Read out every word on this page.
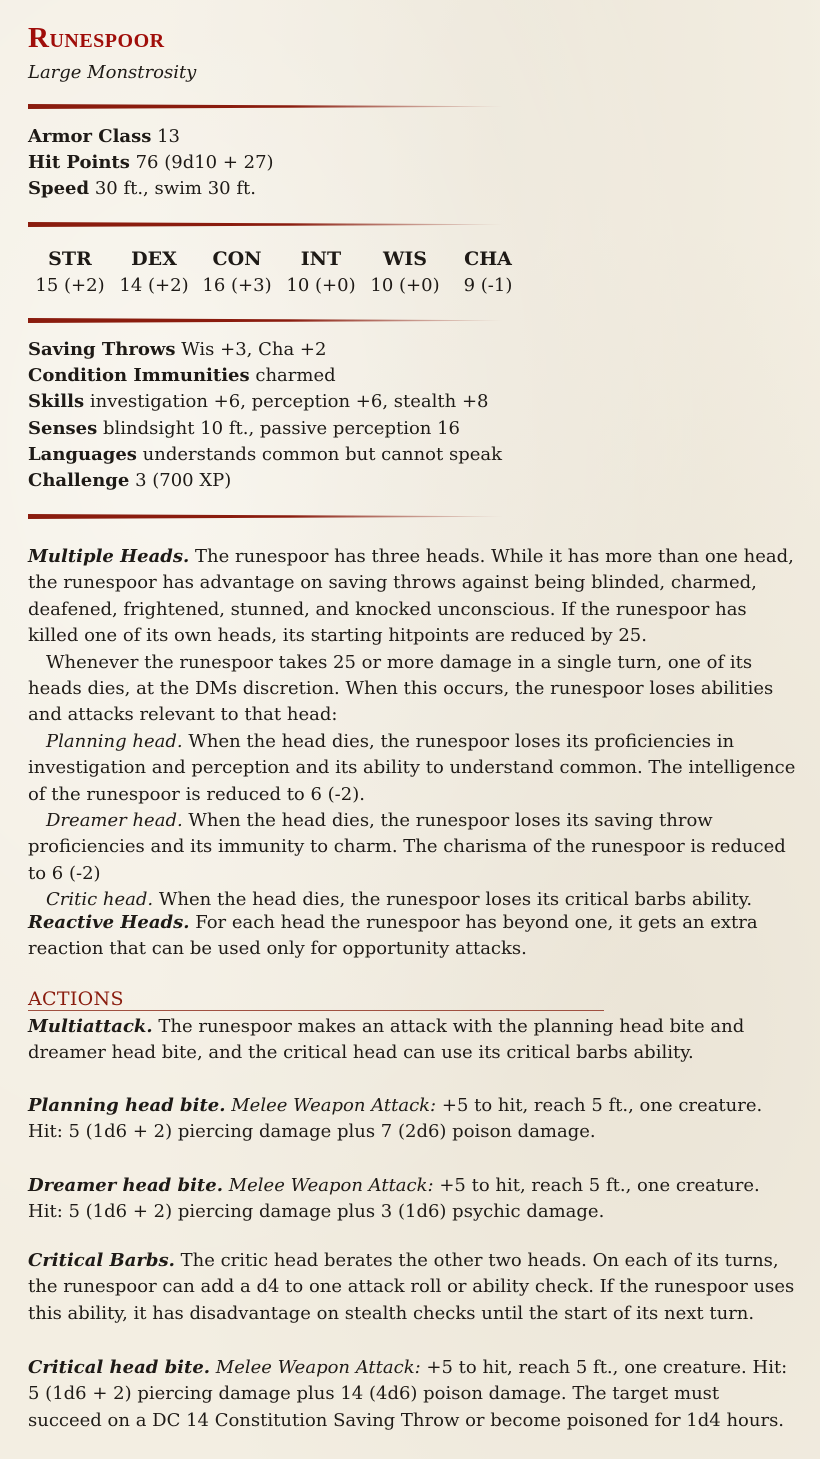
Runespoor
Large Monstrosity
Armor Class 13
Hit Points 76 (9d10 + 27)
Speed 30 ft., swim 30 ft.
STR
15 (+2)
DEX
14 (+2)
CON
16 (+3)
INT
10 (+0)
WIS
10 (+0)
CHA
9 (-1)
Saving Throws Wis +3, Cha +2
Condition Immunities charmed
Skills investigation +6, perception +6, stealth +8
Senses blindsight 10 ft., passive perception 16
Languages understands common but cannot speak
Challenge 3 (700 XP)
Multiple Heads. The runespoor has three heads. While it has more than one head, the runespoor has advantage on saving throws against being blinded, charmed, deafened, frightened, stunned, and knocked unconscious. If the runespoor has killed one of its own heads, its starting hitpoints are reduced by 25.
Whenever the runespoor takes 25 or more damage in a single turn, one of its heads dies, at the DMs discretion. When this occurs, the runespoor loses abilities and attacks relevant to that head:
Planning head. When the head dies, the runespoor loses its proficiencies in investigation and perception and its ability to understand common. The intelligence of the runespoor is reduced to 6 (-2).
Dreamer head. When the head dies, the runespoor loses its saving throw proficiencies and its immunity to charm. The charisma of the runespoor is reduced to 6 (-2)
Critic head. When the head dies, the runespoor loses its critical barbs ability.
Reactive Heads. For each head the runespoor has beyond one, it gets an extra reaction that can be used only for opportunity attacks.
ACTIONS
Multiattack. The runespoor makes an attack with the planning head bite and dreamer head bite, and the critical head can use its critical barbs ability.
Planning head bite. Melee Weapon Attack: +5 to hit, reach 5 ft., one creature. Hit: 5 (1d6 + 2) piercing damage plus 7 (2d6) poison damage.
Dreamer head bite. Melee Weapon Attack: +5 to hit, reach 5 ft., one creature. Hit: 5 (1d6 + 2) piercing damage plus 3 (1d6) psychic damage.
Critical Barbs. The critic head berates the other two heads. On each of its turns, the runespoor can add a d4 to one attack roll or ability check. If the runespoor uses this ability, it has disadvantage on stealth checks until the start of its next turn.
Critical head bite. Melee Weapon Attack: +5 to hit, reach 5 ft., one creature. Hit: 5 (1d6 + 2) piercing damage plus 14 (4d6) poison damage. The target must succeed on a DC 14 Constitution Saving Throw or become poisoned for 1d4 hours.
